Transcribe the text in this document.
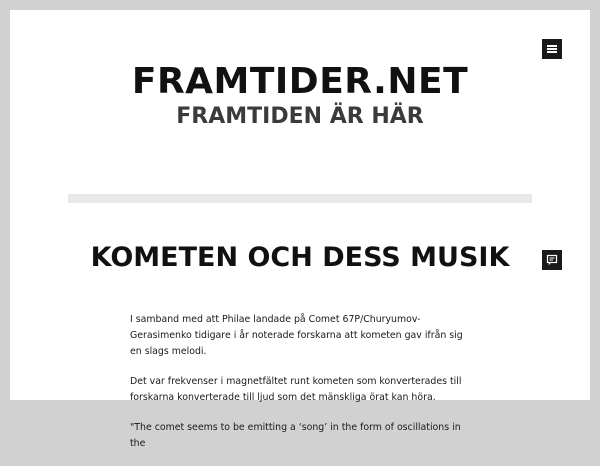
FRAMTIDER.NET
FRAMTIDEN ÄR HÄR
KOMETEN OCH DESS MUSIK

I samband med att Philae landade på Comet 67P/Churyumov-Gerasimenko tidigare i år noterade forskarna att kometen gav ifrån sig en slags melodi.

Det var frekvenser i magnetfältet runt kometen som konverterades till forskarna konverterade till ljud som det mänskliga örat kan höra.

"The comet seems to be emitting a ‘song’ in the form of oscillations in the
